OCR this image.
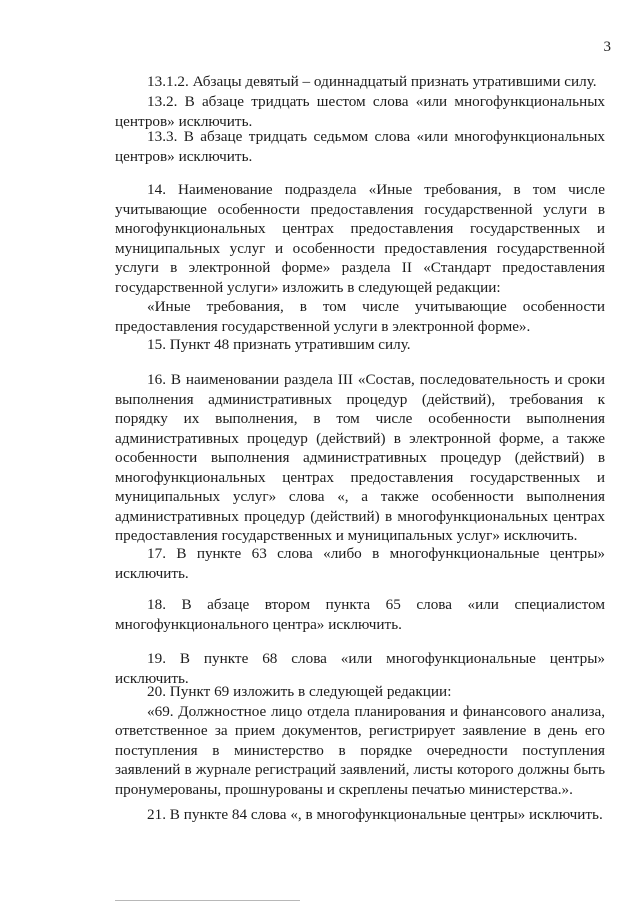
3

13.1.2. Абзацы девятый – одиннадцатый признать утратившими силу.

13.2. В абзаце тридцать шестом слова «или многофункциональных центров» исключить.

13.3. В абзаце тридцать седьмом слова «или многофункциональных центров» исключить.

14. Наименование подраздела «Иные требования, в том числе учитывающие особенности предоставления государственной услуги в многофункциональных центрах предоставления государственных и муниципальных услуг и особенности предоставления государственной услуги в электронной форме» раздела II «Стандарт предоставления государственной услуги» изложить в следующей редакции:

«Иные требования, в том числе учитывающие особенности предоставления государственной услуги в электронной форме».

15. Пункт 48 признать утратившим силу.

16. В наименовании раздела III «Состав, последовательность и сроки выполнения административных процедур (действий), требования к порядку их выполнения, в том числе особенности выполнения административных процедур (действий) в электронной форме, а также особенности выполнения административных процедур (действий) в многофункциональных центрах предоставления государственных и муниципальных услуг» слова «, а также особенности выполнения административных процедур (действий) в многофункциональных центрах предоставления государственных и муниципальных услуг» исключить.

17. В пункте 63 слова «либо в многофункциональные центры» исключить.

18. В абзаце втором пункта 65 слова «или специалистом многофункционального центра» исключить.

19. В пункте 68 слова «или многофункциональные центры» исключить.

20. Пункт 69 изложить в следующей редакции:

«69. Должностное лицо отдела планирования и финансового анализа, ответственное за прием документов, регистрирует заявление в день его поступления в министерство в порядке очередности поступления заявлений в журнале регистраций заявлений, листы которого должны быть пронумерованы, прошнурованы и скреплены печатью министерства.».

21. В пункте 84 слова «, в многофункциональные центры» исключить.
